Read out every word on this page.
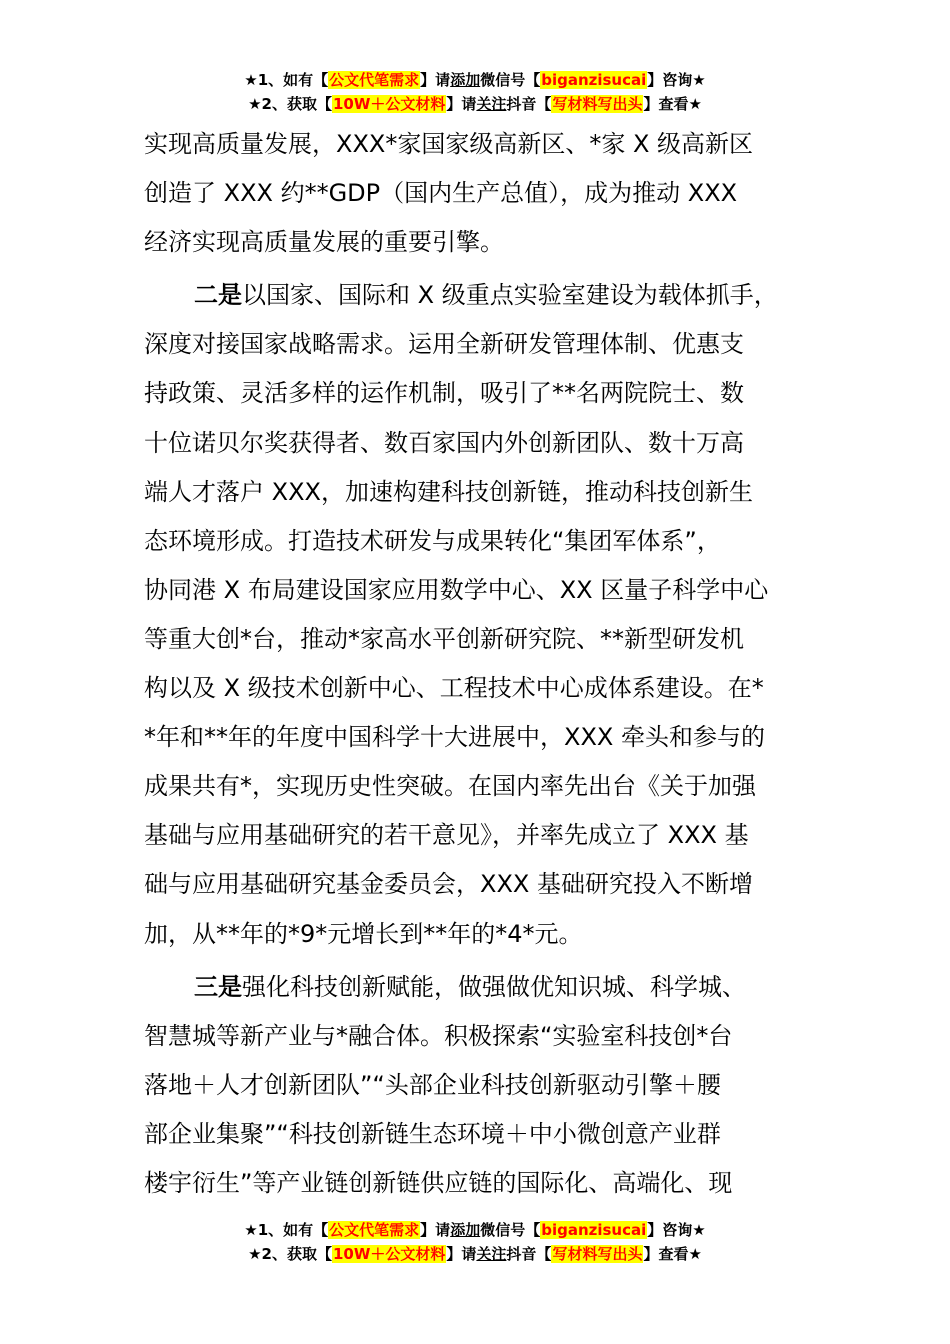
★1、如有【公文代笔需求】请添加微信号【biganzisucai】咨询★
★2、获取【10W＋公文材料】请关注抖音【写材料写出头】查看★
实现高质量发展，XXX*家国家级高新区、*家 X 级高新区
创造了 XXX 约**GDP（国内生产总值），成为推动 XXX
经济实现高质量发展的重要引擎。
二是以国家、国际和 X 级重点实验室建设为载体抓手，
深度对接国家战略需求。运用全新研发管理体制、优惠支
持政策、灵活多样的运作机制，吸引了**名两院院士、数
十位诺贝尔奖获得者、数百家国内外创新团队、数十万高
端人才落户 XXX，加速构建科技创新链，推动科技创新生
态环境形成。打造技术研发与成果转化“集团军体系”，
协同港 X 布局建设国家应用数学中心、XX 区量子科学中心
等重大创*台，推动*家高水平创新研究院、**新型研发机
构以及 X 级技术创新中心、工程技术中心成体系建设。在*
*年和**年的年度中国科学十大进展中，XXX 牵头和参与的
成果共有*，实现历史性突破。在国内率先出台《关于加强
基础与应用基础研究的若干意见》，并率先成立了 XXX 基
础与应用基础研究基金委员会，XXX 基础研究投入不断增
加，从**年的*9*元增长到**年的*4*元。
三是强化科技创新赋能，做强做优知识城、科学城、
智慧城等新产业与*融合体。积极探索“实验室科技创*台
落地＋人才创新团队”“头部企业科技创新驱动引擎＋腰
部企业集聚”“科技创新链生态环境＋中小微创意产业群
楼宇衍生”等产业链创新链供应链的国际化、高端化、现
★1、如有【公文代笔需求】请添加微信号【biganzisucai】咨询★
★2、获取【10W＋公文材料】请关注抖音【写材料写出头】查看★
